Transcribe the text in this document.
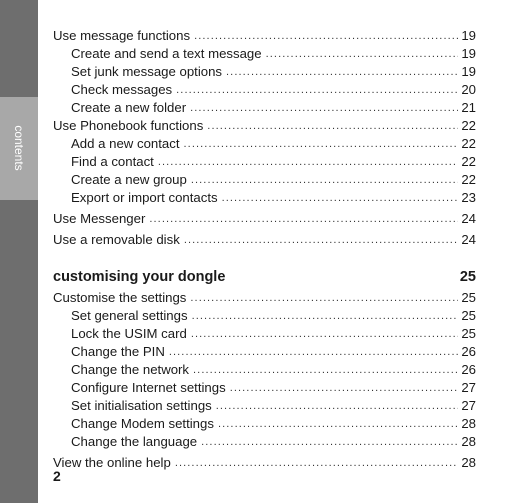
contents
Use message functions .....	19
Create and send a text message .....	19
Set junk message options .....	19
Check messages .....	20
Create a new folder .....	21
Use Phonebook functions .....	22
Add a new contact .....	22
Find a contact .....	22
Create a new group .....	22
Export or import contacts .....	23
Use Messenger .....	24
Use a removable disk .....	24
customising your dongle	25
Customise the settings .....	25
Set general settings .....	25
Lock the USIM card .....	25
Change the PIN .....	26
Change the network .....	26
Configure Internet settings .....	27
Set initialisation settings .....	27
Change Modem settings .....	28
Change the language .....	28
View the online help .....	28
2
